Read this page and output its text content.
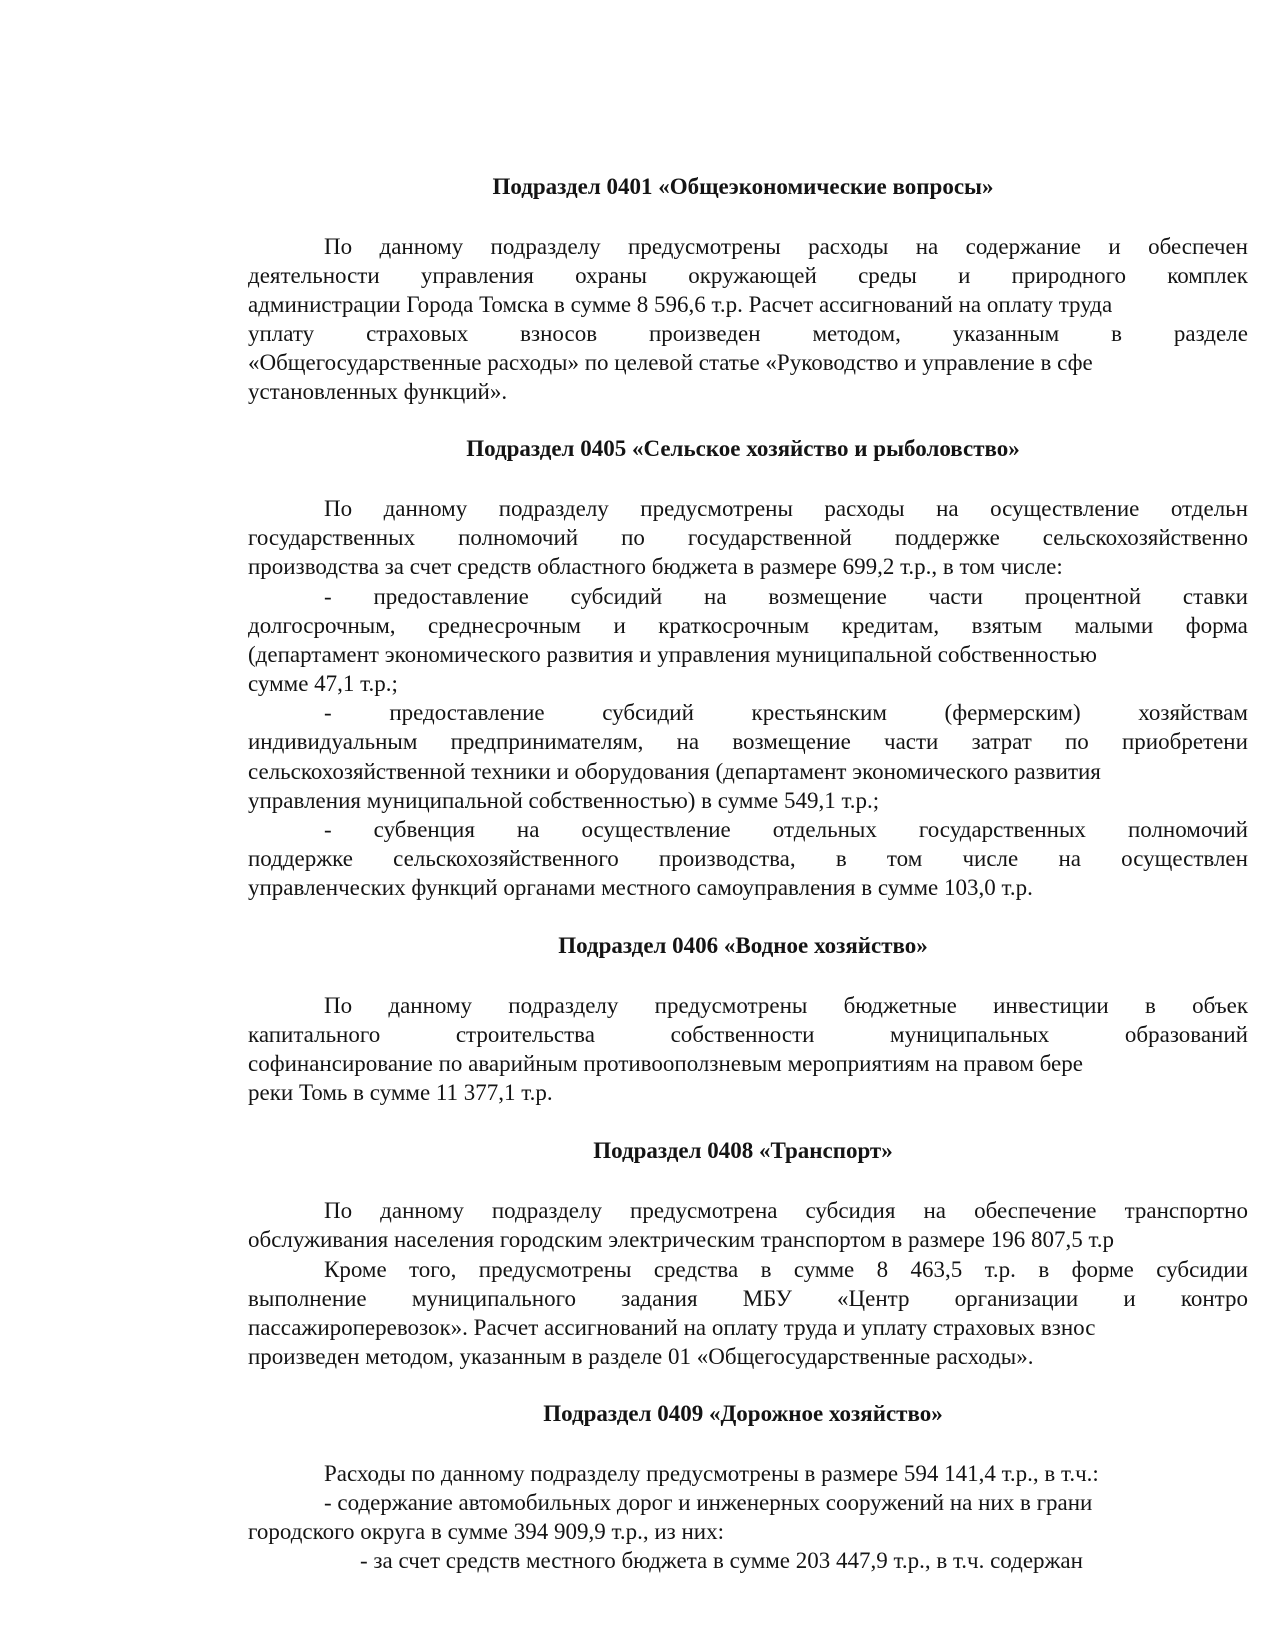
Подраздел 0401 «Общеэкономические вопросы»
По данному подразделу предусмотрены расходы на содержание и обеспечен
деятельности управления охраны окружающей среды и природного комплек
администрации Города Томска в сумме 8 596,6 т.р. Расчет ассигнований на оплату труда
уплату страховых взносов произведен методом, указанным в разделе
«Общегосударственные расходы» по целевой статье «Руководство и управление в сфе
установленных функций».
Подраздел 0405 «Сельское хозяйство и рыболовство»
По данному подразделу предусмотрены расходы на осуществление отдельн
государственных полномочий по государственной поддержке сельскохозяйственно
производства за счет средств областного бюджета в размере 699,2 т.р., в том числе:
- предоставление субсидий на возмещение части процентной ставки
долгосрочным, среднесрочным и краткосрочным кредитам, взятым малыми форма
(департамент экономического развития и управления муниципальной собственностью
сумме 47,1 т.р.;
-	предоставление	субсидий	крестьянским	(фермерским)	хозяйствам
индивидуальным предпринимателям, на возмещение части затрат по приобретени
сельскохозяйственной техники и оборудования (департамент экономического развития
управления муниципальной собственностью) в сумме 549,1 т.р.;
- субвенция на осуществление отдельных государственных полномочий
поддержке сельскохозяйственного производства, в том числе на осуществлен
управленческих функций органами местного самоуправления в сумме 103,0 т.р.
Подраздел 0406 «Водное хозяйство»
По данному подразделу предусмотрены бюджетные инвестиции в объек
капитального	строительства	собственности	муниципальных	образований
софинансирование по аварийным противооползневым мероприятиям на правом бере
реки Томь в сумме 11 377,1 т.р.
Подраздел 0408 «Транспорт»
По данному подразделу предусмотрена субсидия на обеспечение транспортно
обслуживания населения городским электрическим транспортом в размере 196 807,5 т.р
Кроме того, предусмотрены средства в сумме 8 463,5 т.р. в форме субсидии
выполнение муниципального задания МБУ «Центр организации и контро
пассажироперевозок». Расчет ассигнований на оплату труда и уплату страховых взнос
произведен методом, указанным в разделе 01 «Общегосударственные расходы».
Подраздел 0409 «Дорожное хозяйство»
Расходы по данному подразделу предусмотрены в размере 594 141,4 т.р., в т.ч.:
- содержание автомобильных дорог и инженерных сооружений на них в грани
городского округа в сумме 394 909,9 т.р., из них:
- за счет средств местного бюджета в сумме 203 447,9 т.р., в т.ч. содержан
